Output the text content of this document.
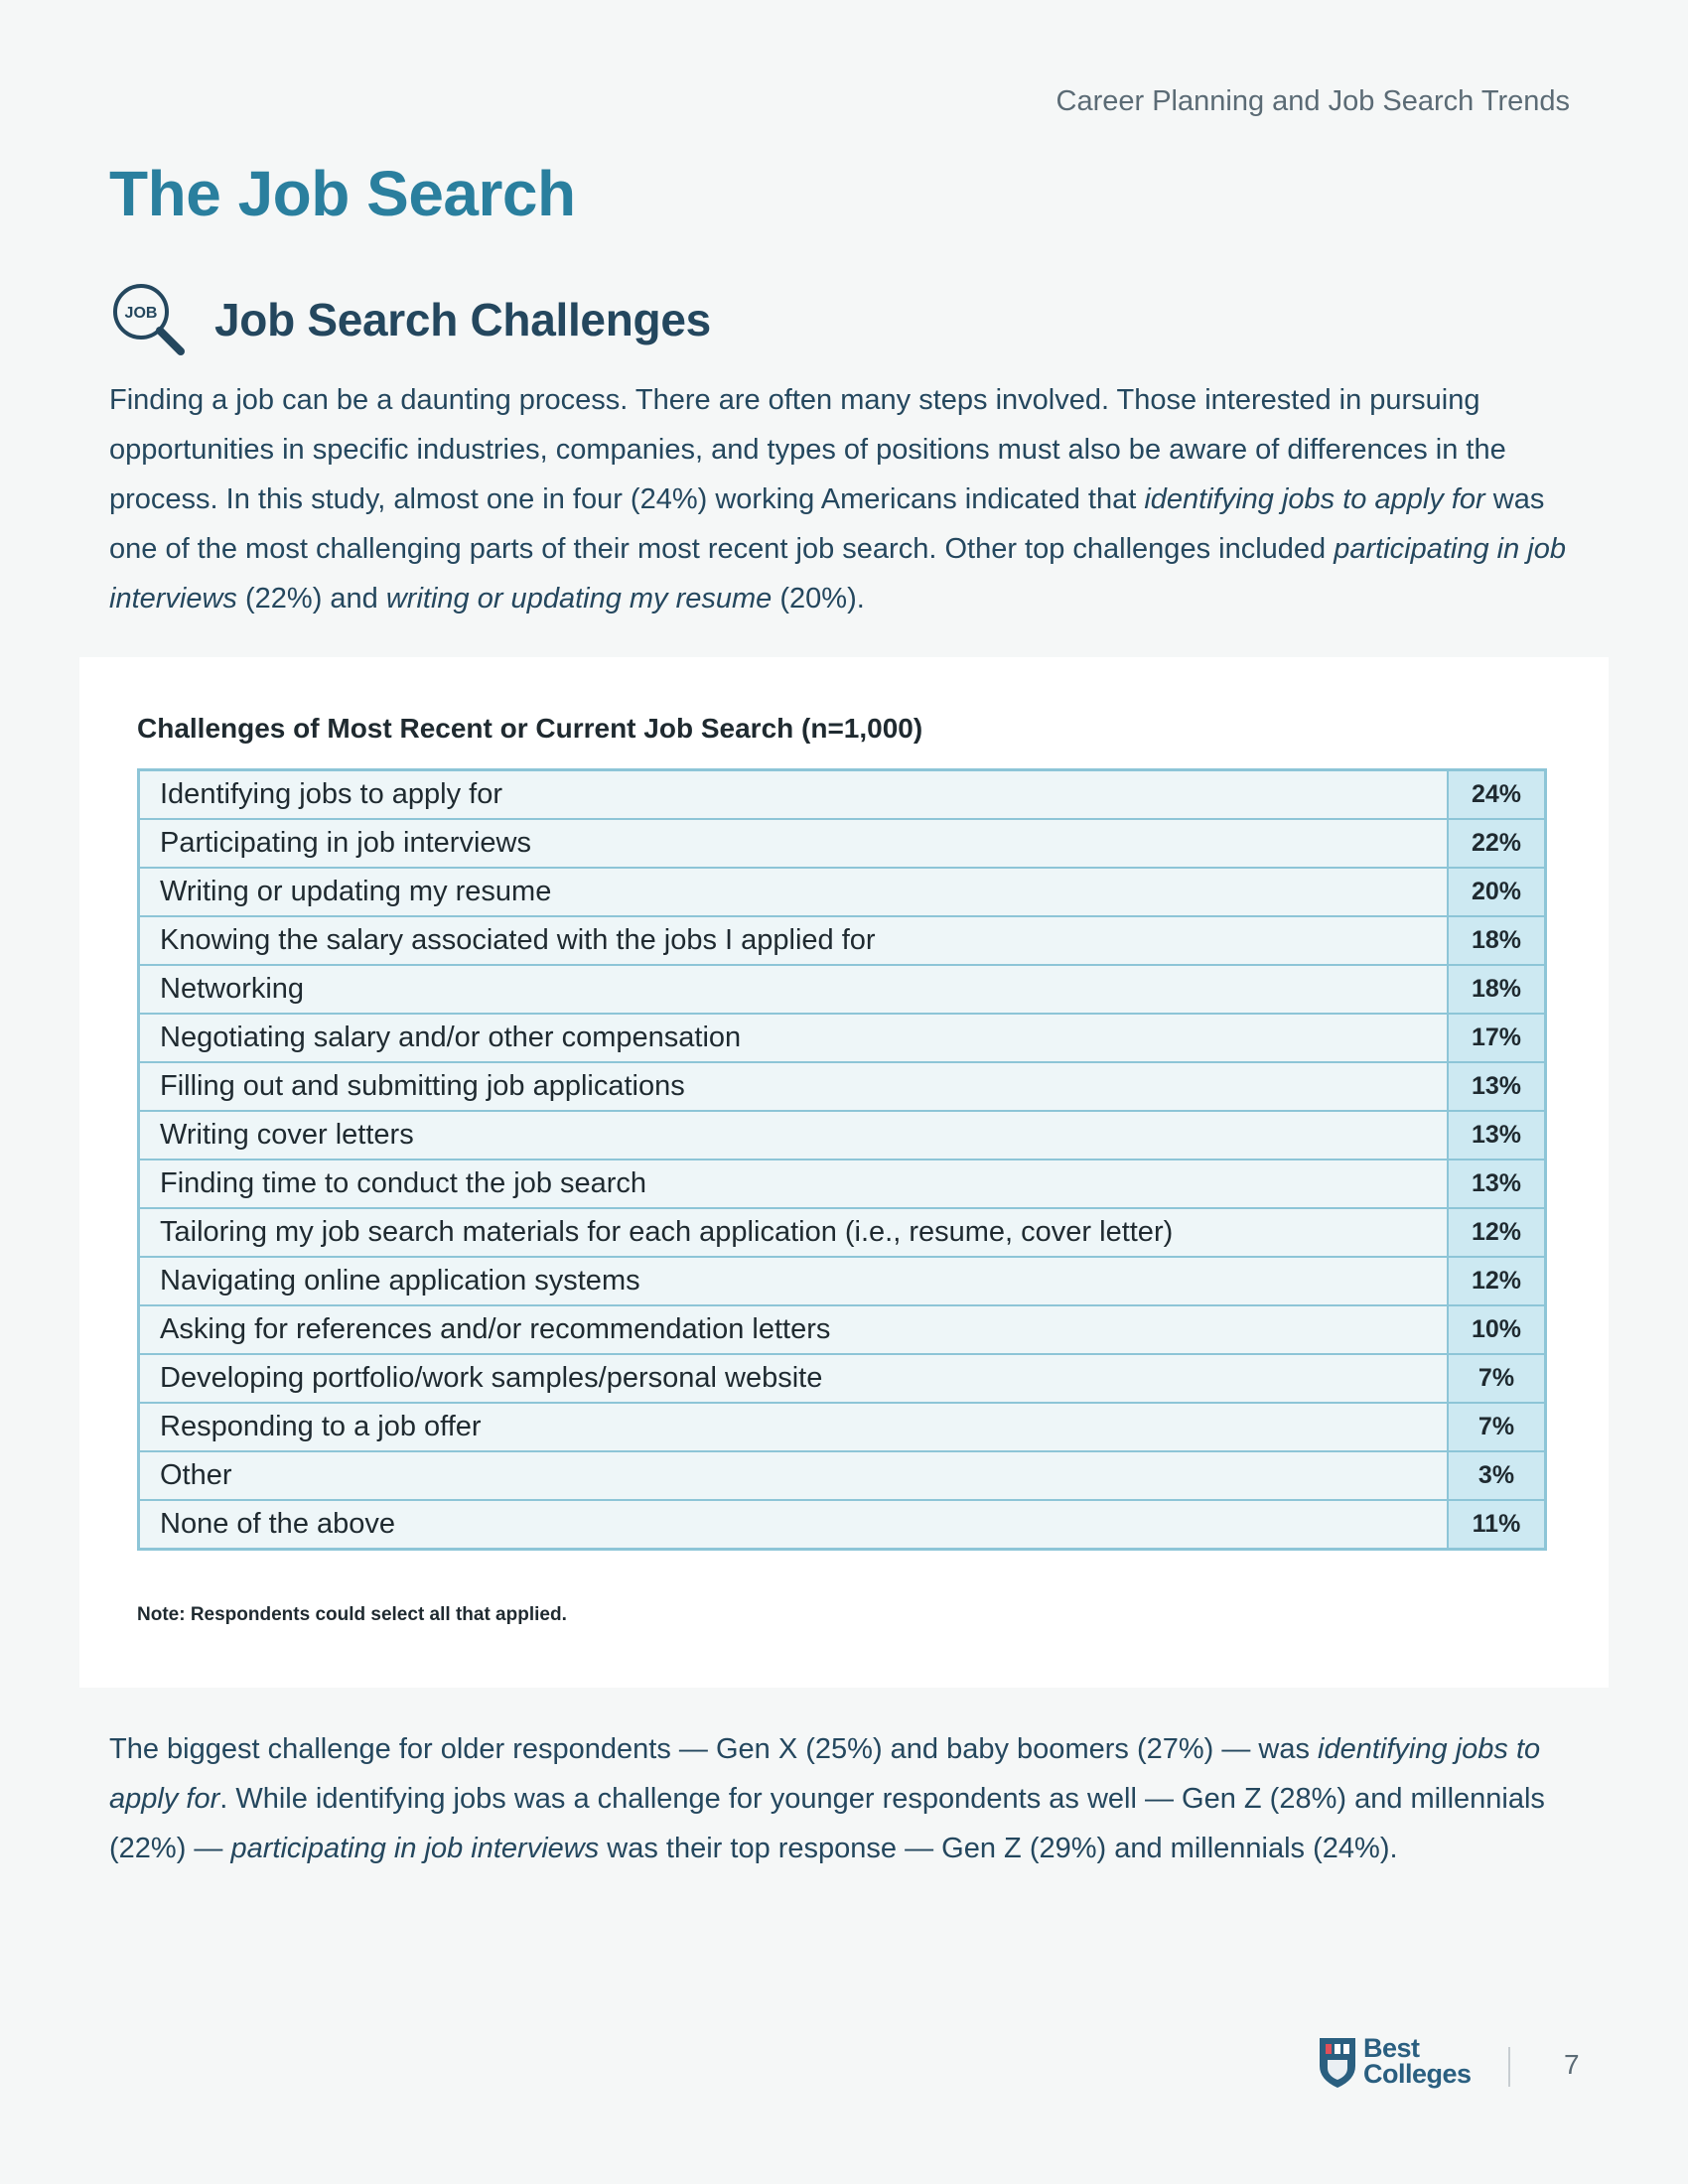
Career Planning and Job Search Trends
The Job Search
JOB Job Search Challenges

Finding a job can be a daunting process. There are often many steps involved. Those interested in pursuing opportunities in specific industries, companies, and types of positions must also be aware of differences in the process. In this study, almost one in four (24%) working Americans indicated that identifying jobs to apply for was one of the most challenging parts of their most recent job search. Other top challenges included participating in job interviews (22%) and writing or updating my resume (20%).

Challenges of Most Recent or Current Job Search (n=1,000)
Identifying jobs to apply for	24%
Participating in job interviews	22%
Writing or updating my resume	20%
Knowing the salary associated with the jobs I applied for	18%
Networking	18%
Negotiating salary and/or other compensation	17%
Filling out and submitting job applications	13%
Writing cover letters	13%
Finding time to conduct the job search	13%
Tailoring my job search materials for each application (i.e., resume, cover letter)	12%
Navigating online application systems	12%
Asking for references and/or recommendation letters	10%
Developing portfolio/work samples/personal website	7%
Responding to a job offer	7%
Other	3%
None of the above	11%

Note: Respondents could select all that applied.

The biggest challenge for older respondents — Gen X (25%) and baby boomers (27%) — was identifying jobs to apply for. While identifying jobs was a challenge for younger respondents as well — Gen Z (28%) and millennials (22%) — participating in job interviews was their top response — Gen Z (29%) and millennials (24%).

Best
Colleges	7
